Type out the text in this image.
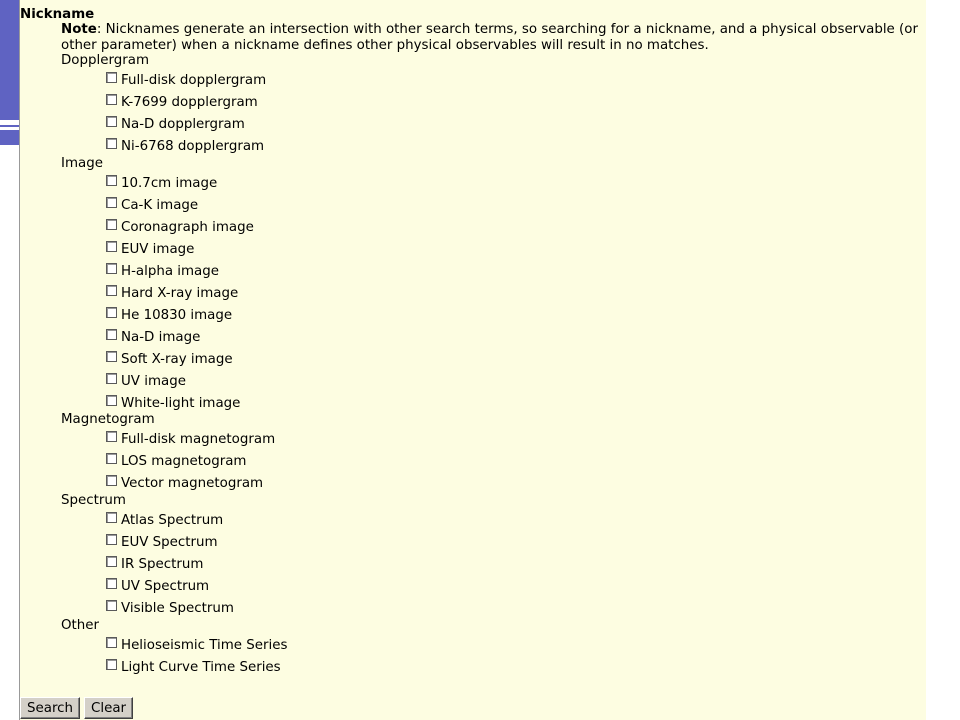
Nickname
Note: Nicknames generate an intersection with other search terms, so searching for a nickname, and a physical observable (or other parameter) when a nickname defines other physical observables will result in no matches.
Dopplergram
Full-disk dopplergram
K-7699 dopplergram
Na-D dopplergram
Ni-6768 dopplergram
Image
10.7cm image
Ca-K image
Coronagraph image
EUV image
H-alpha image
Hard X-ray image
He 10830 image
Na-D image
Soft X-ray image
UV image
White-light image
Magnetogram
Full-disk magnetogram
LOS magnetogram
Vector magnetogram
Spectrum
Atlas Spectrum
EUV Spectrum
IR Spectrum
UV Spectrum
Visible Spectrum
Other
Helioseismic Time Series
Light Curve Time Series
Search	Clear
